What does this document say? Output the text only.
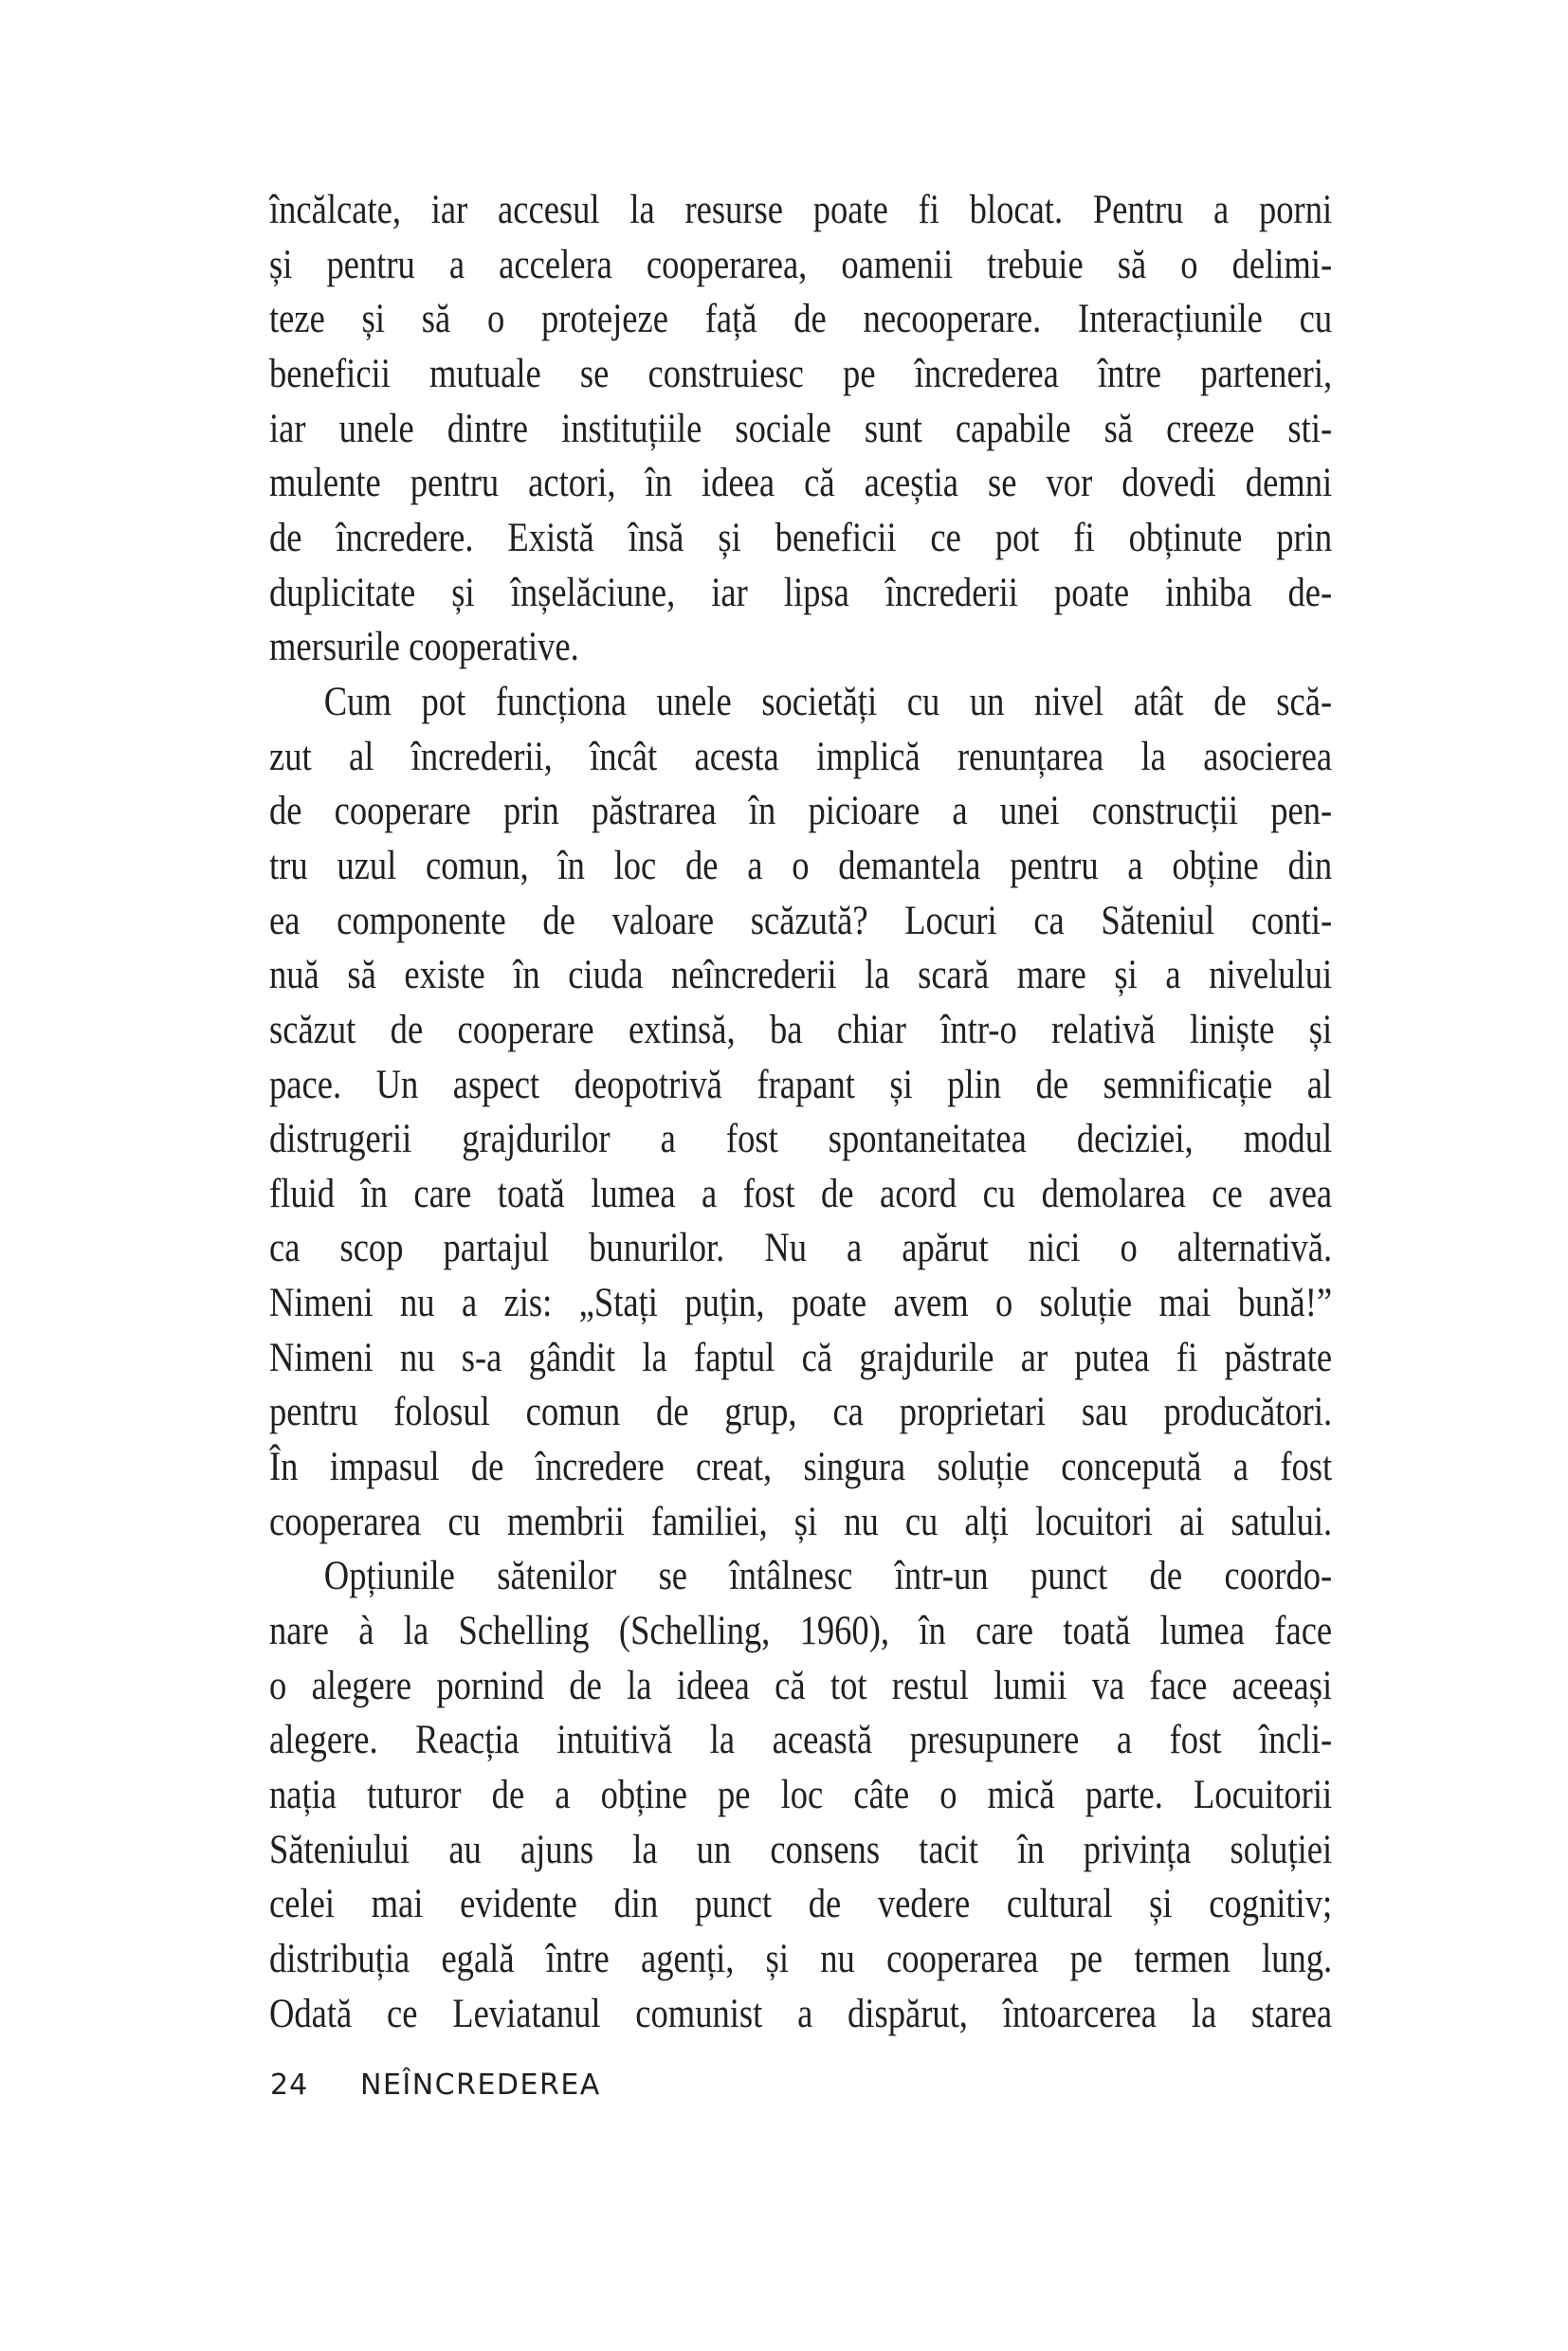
încălcate, iar accesul la resurse poate fi blocat. Pentru a porni
și pentru a accelera cooperarea, oamenii trebuie să o delimi-
teze și să o protejeze față de necooperare. Interacțiunile cu
beneficii mutuale se construiesc pe încrederea între parteneri,
iar unele dintre instituțiile sociale sunt capabile să creeze sti-
mulente pentru actori, în ideea că aceștia se vor dovedi demni
de încredere. Există însă și beneficii ce pot fi obținute prin
duplicitate și înșelăciune, iar lipsa încrederii poate inhiba de-
mersurile cooperative.
Cum pot funcționa unele societăți cu un nivel atât de scă-
zut al încrederii, încât acesta implică renunțarea la asocierea
de cooperare prin păstrarea în picioare a unei construcții pen-
tru uzul comun, în loc de a o demantela pentru a obține din
ea componente de valoare scăzută? Locuri ca Săteniul conti-
nuă să existe în ciuda neîncrederii la scară mare și a nivelului
scăzut de cooperare extinsă, ba chiar într-o relativă liniște și
pace. Un aspect deopotrivă frapant și plin de semnificație al
distrugerii grajdurilor a fost spontaneitatea deciziei, modul
fluid în care toată lumea a fost de acord cu demolarea ce avea
ca scop partajul bunurilor. Nu a apărut nici o alternativă.
Nimeni nu a zis: „Stați puțin, poate avem o soluție mai bună!”
Nimeni nu s-a gândit la faptul că grajdurile ar putea fi păstrate
pentru folosul comun de grup, ca proprietari sau producători.
În impasul de încredere creat, singura soluție concepută a fost
cooperarea cu membrii familiei, și nu cu alți locuitori ai satului.
Opțiunile sătenilor se întâlnesc într-un punct de coordo-
nare à la Schelling (Schelling, 1960), în care toată lumea face
o alegere pornind de la ideea că tot restul lumii va face aceeași
alegere. Reacția intuitivă la această presupunere a fost încli-
nația tuturor de a obține pe loc câte o mică parte. Locuitorii
Săteniului au ajuns la un consens tacit în privința soluției
celei mai evidente din punct de vedere cultural și cognitiv;
distribuția egală între agenți, și nu cooperarea pe termen lung.
Odată ce Leviatanul comunist a dispărut, întoarcerea la starea
24 NEÎNCREDEREA
